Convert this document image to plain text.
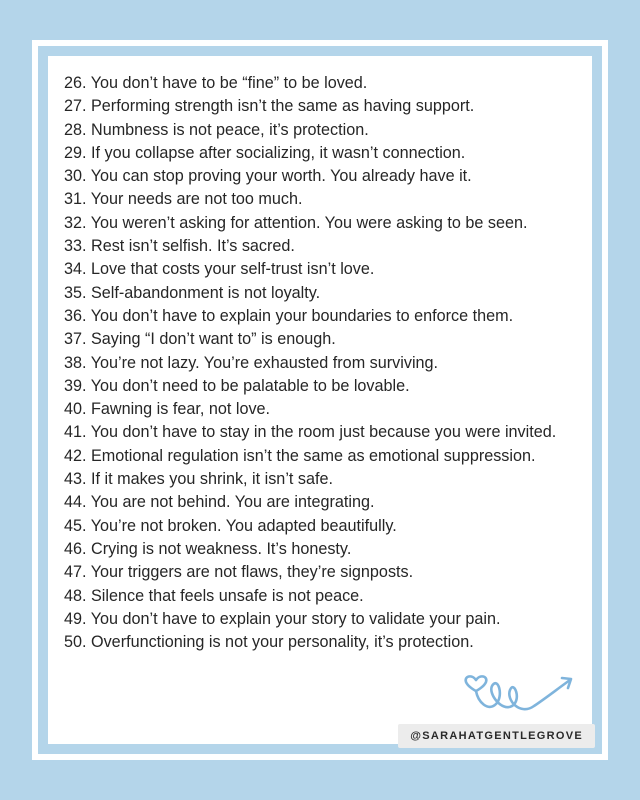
26. You don’t have to be “fine” to be loved.
27. Performing strength isn’t the same as having support.
28. Numbness is not peace, it’s protection.
29. If you collapse after socializing, it wasn’t connection.
30. You can stop proving your worth. You already have it.
31. Your needs are not too much.
32. You weren’t asking for attention. You were asking to be seen.
33. Rest isn’t selfish. It’s sacred.
34. Love that costs your self-trust isn’t love.
35. Self-abandonment is not loyalty.
36. You don’t have to explain your boundaries to enforce them.
37. Saying “I don’t want to” is enough.
38. You’re not lazy. You’re exhausted from surviving.
39. You don’t need to be palatable to be lovable.
40. Fawning is fear, not love.
41. You don’t have to stay in the room just because you were invited.
42. Emotional regulation isn’t the same as emotional suppression.
43. If it makes you shrink, it isn’t safe.
44. You are not behind. You are integrating.
45. You’re not broken. You adapted beautifully.
46. Crying is not weakness. It’s honesty.
47. Your triggers are not flaws, they’re signposts.
48. Silence that feels unsafe is not peace.
49. You don’t have to explain your story to validate your pain.
50. Overfunctioning is not your personality, it’s protection.
@SARAHATGENTLEGROVE
